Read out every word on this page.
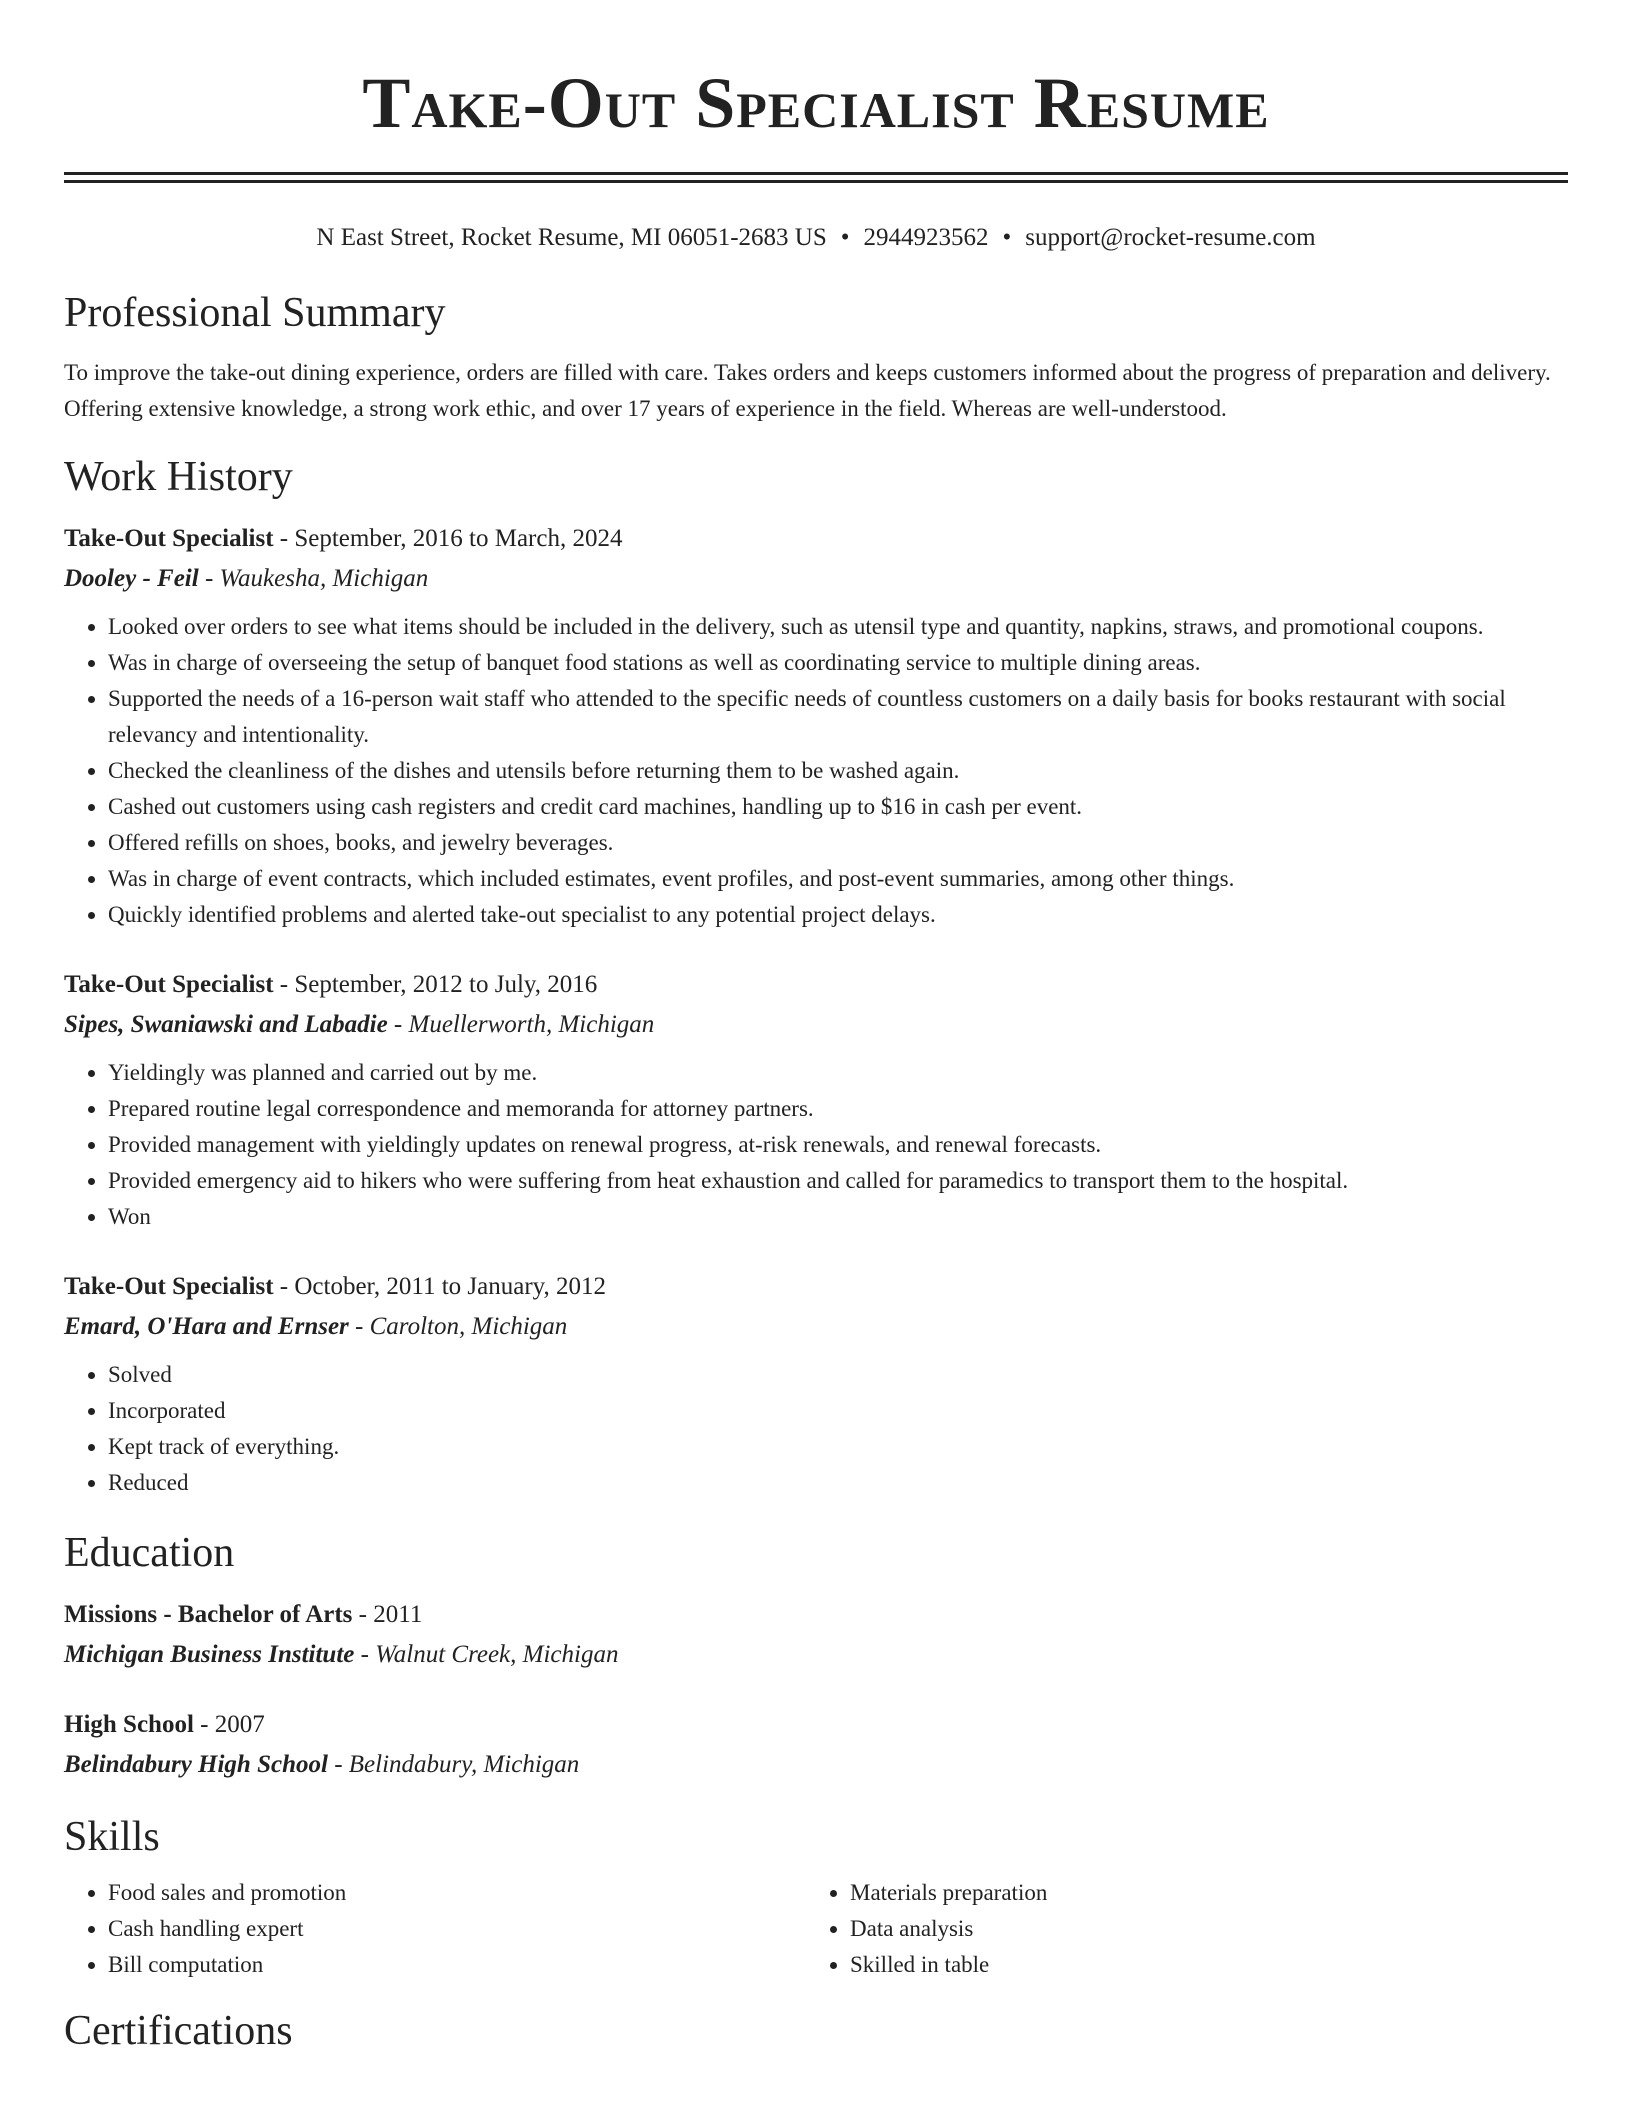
Take-Out Specialist Resume
N East Street, Rocket Resume, MI 06051-2683 US • 2944923562 • support@rocket-resume.com
Professional Summary
To improve the take-out dining experience, orders are filled with care. Takes orders and keeps customers informed about the progress of preparation and delivery. Offering extensive knowledge, a strong work ethic, and over 17 years of experience in the field. Whereas are well-understood.
Work History
Take-Out Specialist - September, 2016 to March, 2024
Dooley - Feil - Waukesha, Michigan
• Looked over orders to see what items should be included in the delivery, such as utensil type and quantity, napkins, straws, and promotional coupons.
• Was in charge of overseeing the setup of banquet food stations as well as coordinating service to multiple dining areas.
• Supported the needs of a 16-person wait staff who attended to the specific needs of countless customers on a daily basis for books restaurant with social relevancy and intentionality.
• Checked the cleanliness of the dishes and utensils before returning them to be washed again.
• Cashed out customers using cash registers and credit card machines, handling up to $16 in cash per event.
• Offered refills on shoes, books, and jewelry beverages.
• Was in charge of event contracts, which included estimates, event profiles, and post-event summaries, among other things.
• Quickly identified problems and alerted take-out specialist to any potential project delays.
Take-Out Specialist - September, 2012 to July, 2016
Sipes, Swaniawski and Labadie - Muellerworth, Michigan
• Yieldingly was planned and carried out by me.
• Prepared routine legal correspondence and memoranda for attorney partners.
• Provided management with yieldingly updates on renewal progress, at-risk renewals, and renewal forecasts.
• Provided emergency aid to hikers who were suffering from heat exhaustion and called for paramedics to transport them to the hospital.
• Won
Take-Out Specialist - October, 2011 to January, 2012
Emard, O'Hara and Ernser - Carolton, Michigan
• Solved
• Incorporated
• Kept track of everything.
• Reduced
Education
Missions - Bachelor of Arts - 2011
Michigan Business Institute - Walnut Creek, Michigan
High School - 2007
Belindabury High School - Belindabury, Michigan
Skills
• Food sales and promotion
• Cash handling expert
• Bill computation
• Materials preparation
• Data analysis
• Skilled in table
Certifications
